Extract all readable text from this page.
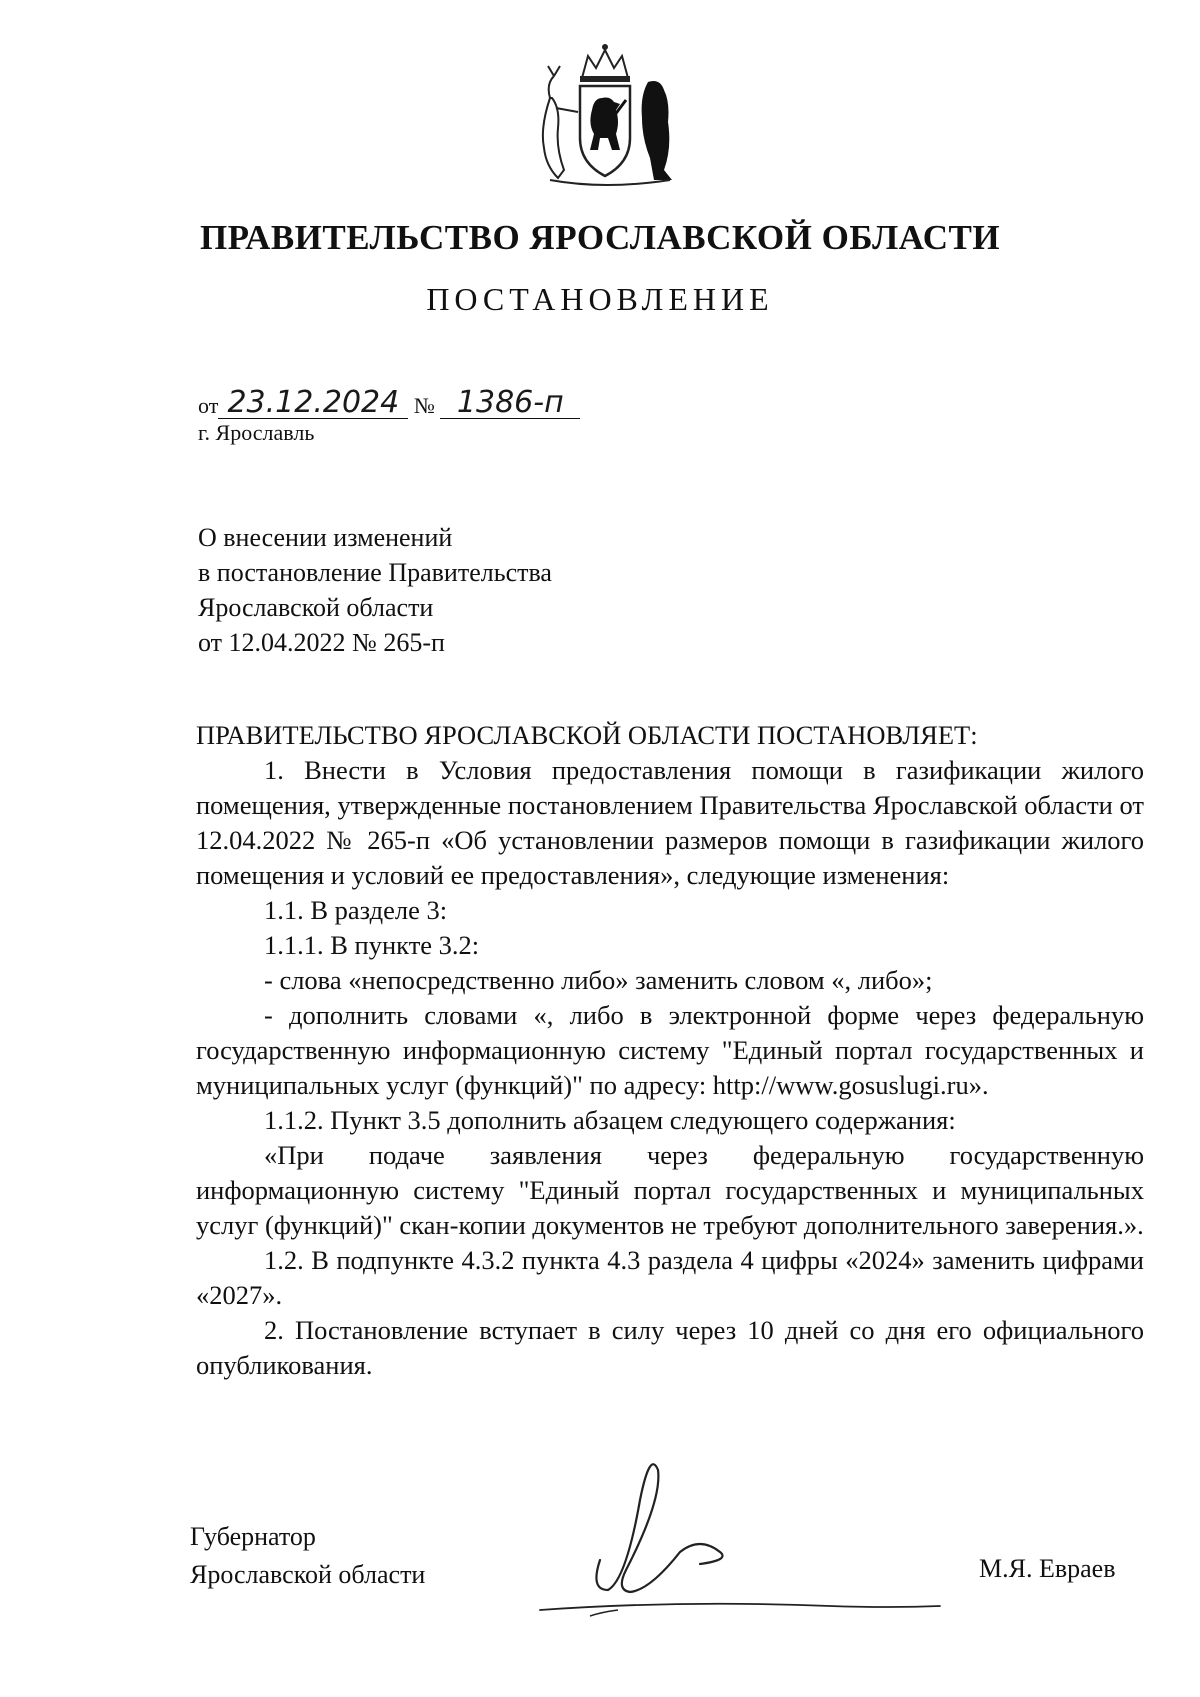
ПРАВИТЕЛЬСТВО ЯРОСЛАВСКОЙ ОБЛАСТИ
ПОСТАНОВЛЕНИЕ
от 23.12.2024 № 1386-п
г. Ярославль
О внесении изменений
в постановление Правительства
Ярославской области
от 12.04.2022 № 265-п

ПРАВИТЕЛЬСТВО ЯРОСЛАВСКОЙ ОБЛАСТИ ПОСТАНОВЛЯЕТ:

1. Внести в Условия предоставления помощи в газификации жилого помещения, утвержденные постановлением Правительства Ярославской области от 12.04.2022 № 265-п «Об установлении размеров помощи в газификации жилого помещения и условий ее предоставления», следующие изменения:

1.1. В разделе 3:

1.1.1. В пункте 3.2:

- слова «непосредственно либо» заменить словом «, либо»;

- дополнить словами «, либо в электронной форме через федеральную государственную информационную систему "Единый портал государственных и муниципальных услуг (функций)" по адресу: http://www.gosuslugi.ru».

1.1.2. Пункт 3.5 дополнить абзацем следующего содержания:

«При подаче заявления через федеральную государственную информационную систему "Единый портал государственных и муниципальных услуг (функций)" скан-копии документов не требуют дополнительного заверения.».

1.2. В подпункте 4.3.2 пункта 4.3 раздела 4 цифры «2024» заменить цифрами «2027».

2. Постановление вступает в силу через 10 дней со дня его официального опубликования.

Губернатор
Ярославской области	М.Я. Евраев
